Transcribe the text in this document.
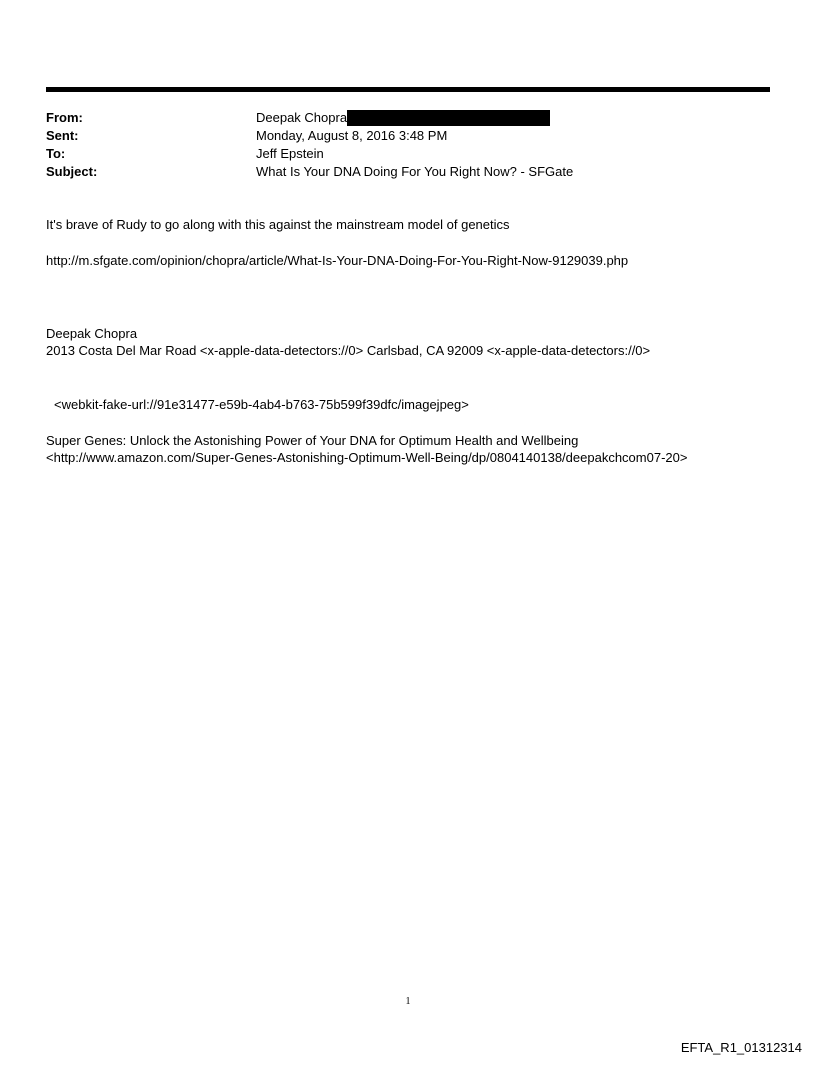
From:	Deepak Chopra
Sent:	Monday, August 8, 2016 3:48 PM
To:	Jeff Epstein
Subject:	What Is Your DNA Doing For You Right Now? - SFGate
It's brave of Rudy to go along with this against the mainstream model of genetics
http://m.sfgate.com/opinion/chopra/article/What-Is-Your-DNA-Doing-For-You-Right-Now-9129039.php
Deepak Chopra
2013 Costa Del Mar Road <x-apple-data-detectors://0> Carlsbad, CA 92009 <x-apple-data-detectors://0>
<webkit-fake-url://91e31477-e59b-4ab4-b763-75b599f39dfc/imagejpeg>
Super Genes: Unlock the Astonishing Power of Your DNA for Optimum Health and Wellbeing
<http://www.amazon.com/Super-Genes-Astonishing-Optimum-Well-Being/dp/0804140138/deepakchcom07-20>
1
EFTA_R1_01312314
